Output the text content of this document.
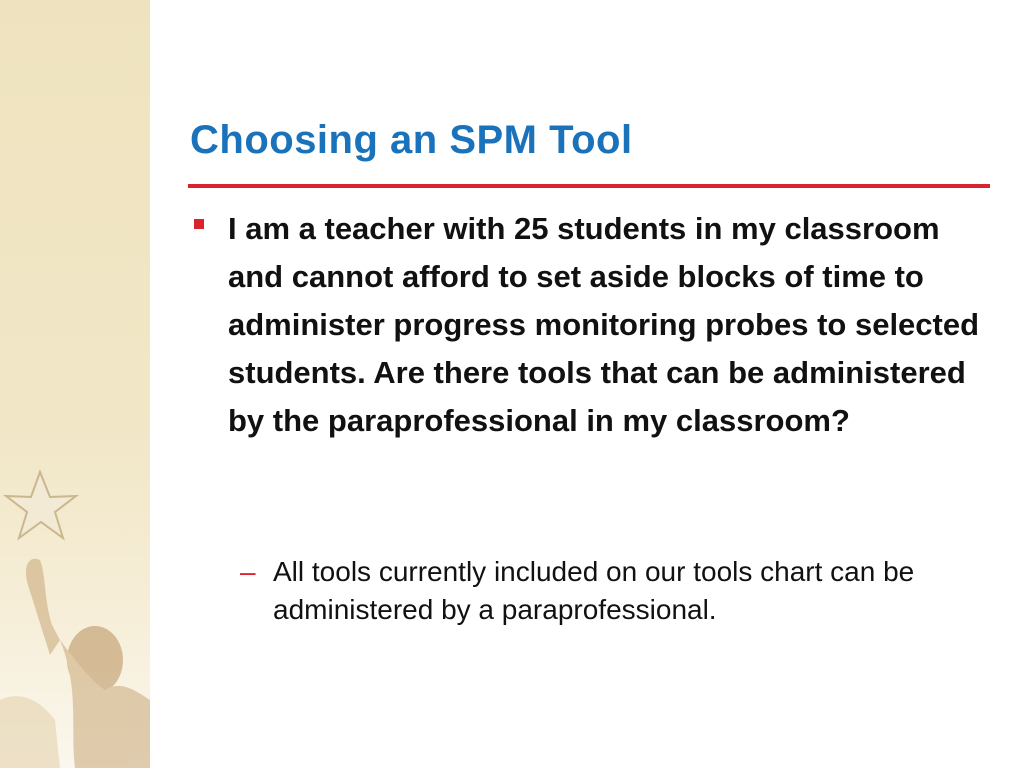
Choosing an SPM Tool
I am a teacher with 25 students in my classroom and cannot afford to set aside blocks of time to administer progress monitoring probes to selected students. Are there tools that can be administered by the paraprofessional in my classroom?
– All tools currently included on our tools chart can be administered by a paraprofessional.
